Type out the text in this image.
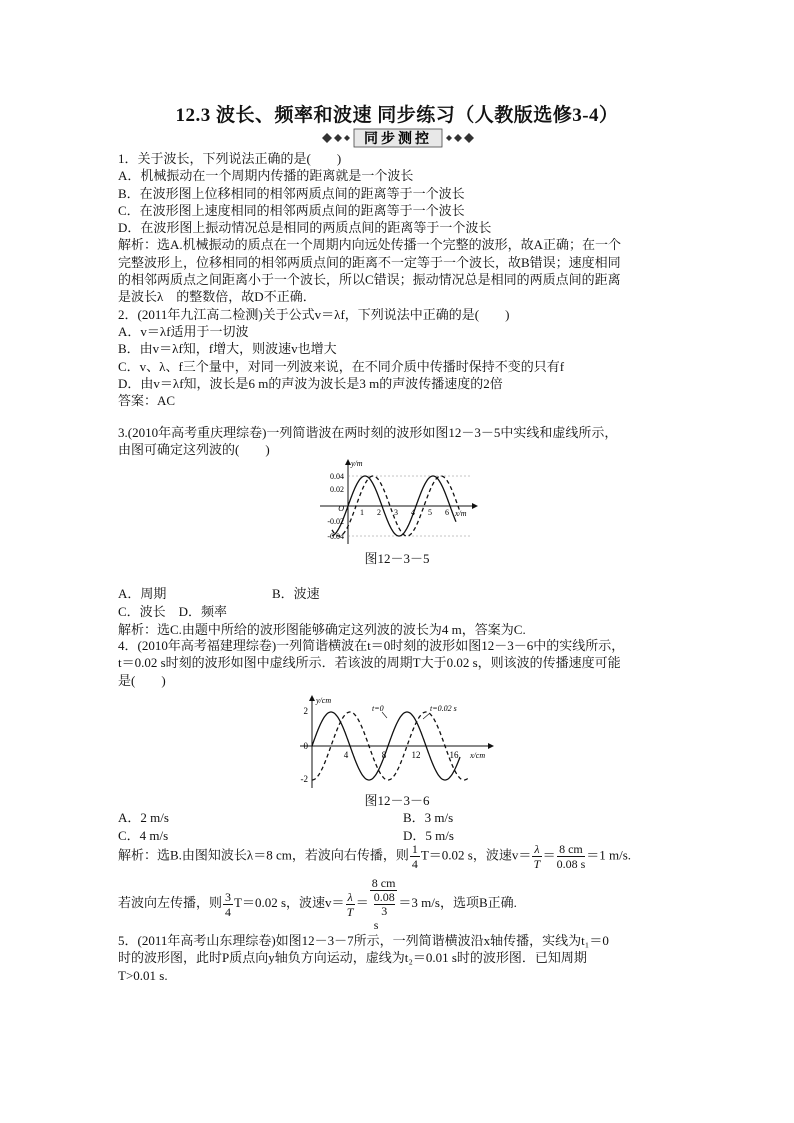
12.3 波长、频率和波速 同步练习（人教版选修3-4）
同步测控

1．关于波长，下列说法正确的是(　　)

A．机械振动在一个周期内传播的距离就是一个波长

B．在波形图上位移相同的相邻两质点间的距离等于一个波长

C．在波形图上速度相同的相邻两质点间的距离等于一个波长

D．在波形图上振动情况总是相同的两质点间的距离等于一个波长

解析：选A.机械振动的质点在一个周期内向远处传播一个完整的波形，故A正确；在一个

完整波形上，位移相同的相邻两质点间的距离不一定等于一个波长，故B错误；速度相同

的相邻两质点之间距离小于一个波长，所以C错误；振动情况总是相同的两质点间的距离

是波长λ　的整数倍，故D不正确．

2．(2011年九江高二检测)关于公式v＝λf，下列说法中正确的是(　　)

A．v＝λf适用于一切波

B．由v＝λf知，f增大，则波速v也增大

C．v、λ、f三个量中，对同一列波来说，在不同介质中传播时保持不变的只有f

D．由v＝λf知，波长是6 m的声波为波长是3 m的声波传播速度的2倍

答案：AC

3.(2010年高考重庆理综卷)一列简谐波在两时刻的波形如图12－3－5中实线和虚线所示，

由图可确定这列波的(　　)

y/m
x/m
0.04
0.02
O
-0.02
-0.04
1 2 3 4 5 6
图12－3－5
A．周期	B．波速
C．波长　D．频率
解析：选C.由题中所给的波形图能够确定这列波的波长为4 m，答案为C.

4．(2010年高考福建理综卷)一列简谐横波在t＝0时刻的波形如图12－3－6中的实线所示，

t＝0.02 s时刻的波形如图中虚线所示．若该波的周期T大于0.02 s，则该波的传播速度可能

是(　　)

y/cm
x/cm
2
0
-2
4	8	12	16
t=0	t=0.02 s
图12－3－6
A．2 m/s	B．3 m/s
C．4 m/s	D．5 m/s
解析：选B.由图知波长λ＝8 cm，若波向右传播，则 $\frac{1}{4} T=0.02$ s，波速$v= \frac{\lambda}{T} = \frac{8 cm}{0.08 s} =1$ m/s.
若波向左传播，则 $\frac{3}{4} T=0.02$ s，波速$v= \frac{\lambda}{T} = 8$ cm
$\frac{0.08}{3}$
s ＝3 m/s，选项B正确.

5．(2011年高考山东理综卷)如图12－3－7所示，一列简谐横波沿x轴传播，实线为t₁＝0

时的波形图，此时P质点向y轴负方向运动，虚线为t₂＝0.01 s时的波形图．已知周期

T>0.01 s.
